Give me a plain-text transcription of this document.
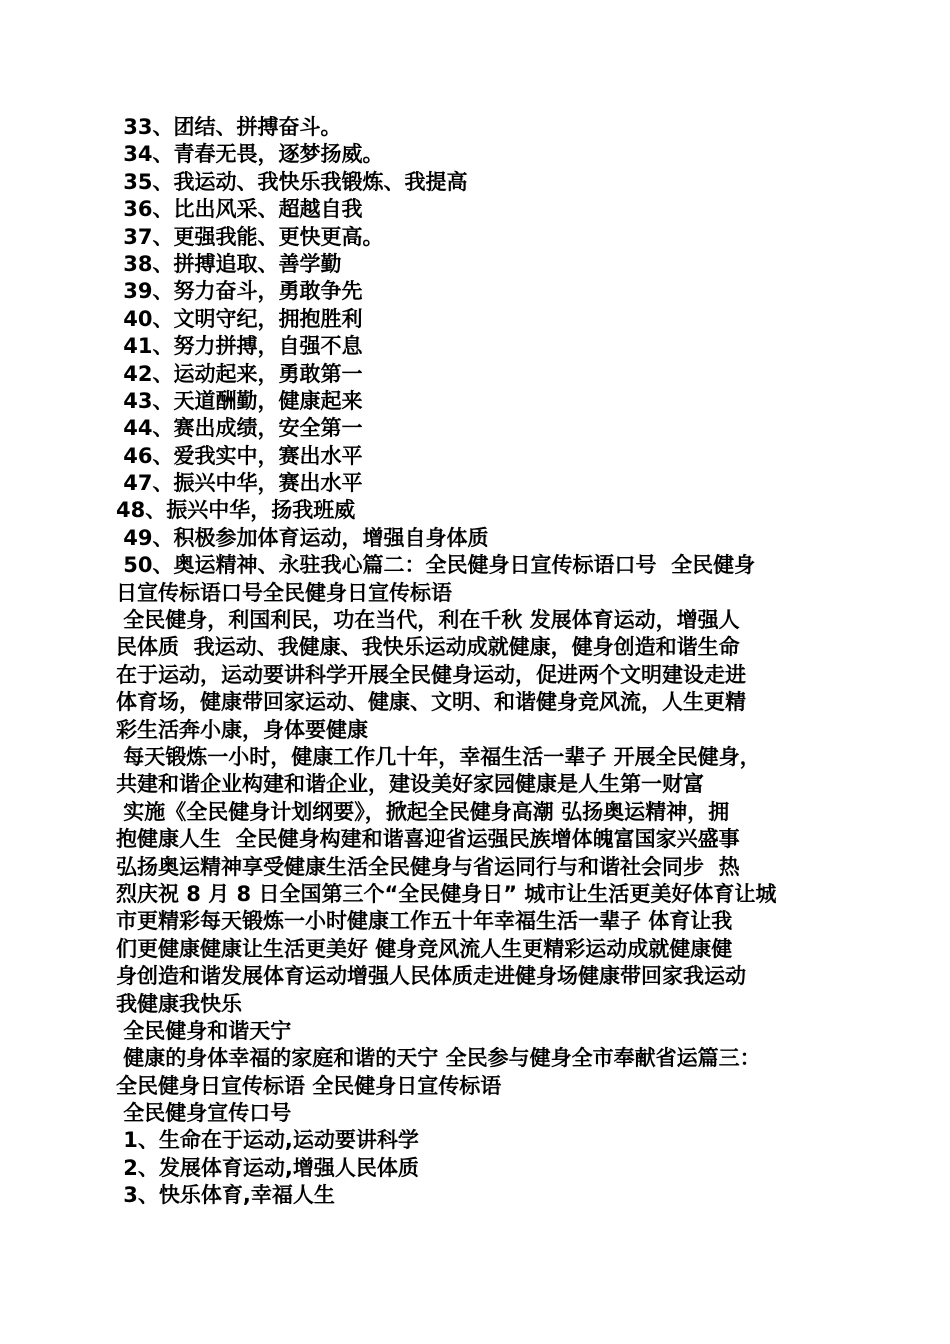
33、团结、拼搏奋斗。
34、青春无畏，逐梦扬威。
35、我运动、我快乐我锻炼、我提高
36、比出风采、超越自我
37、更强我能、更快更高。
38、拼搏追取、善学勤
39、努力奋斗，勇敢争先
40、文明守纪，拥抱胜利
41、努力拼搏，自强不息
42、运动起来，勇敢第一
43、天道酬勤，健康起来
44、赛出成绩，安全第一
46、爱我实中，赛出水平
47、振兴中华，赛出水平
48、振兴中华，扬我班威
49、积极参加体育运动，增强自身体质
50、奥运精神、永驻我心篇二：全民健身日宣传标语口号  全民健身
日宣传标语口号全民健身日宣传标语
全民健身，利国利民，功在当代，利在千秋 发展体育运动，增强人
民体质  我运动、我健康、我快乐运动成就健康，健身创造和谐生命
在于运动，运动要讲科学开展全民健身运动，促进两个文明建设走进
体育场，健康带回家运动、健康、文明、和谐健身竞风流，人生更精
彩生活奔小康，身体要健康
每天锻炼一小时，健康工作几十年，幸福生活一辈子 开展全民健身，
共建和谐企业构建和谐企业，建设美好家园健康是人生第一财富
实施《全民健身计划纲要》，掀起全民健身高潮 弘扬奥运精神，拥
抱健康人生  全民健身构建和谐喜迎省运强民族增体魄富国家兴盛事
弘扬奥运精神享受健康生活全民健身与省运同行与和谐社会同步  热
烈庆祝 8 月 8 日全国第三个“全民健身日” 城市让生活更美好体育让城
市更精彩每天锻炼一小时健康工作五十年幸福生活一辈子 体育让我
们更健康健康让生活更美好 健身竞风流人生更精彩运动成就健康健
身创造和谐发展体育运动增强人民体质走进健身场健康带回家我运动
我健康我快乐
全民健身和谐天宁
健康的身体幸福的家庭和谐的天宁 全民参与健身全市奉献省运篇三：
全民健身日宣传标语 全民健身日宣传标语
全民健身宣传口号
1、生命在于运动,运动要讲科学
2、发展体育运动,增强人民体质
3、快乐体育,幸福人生
